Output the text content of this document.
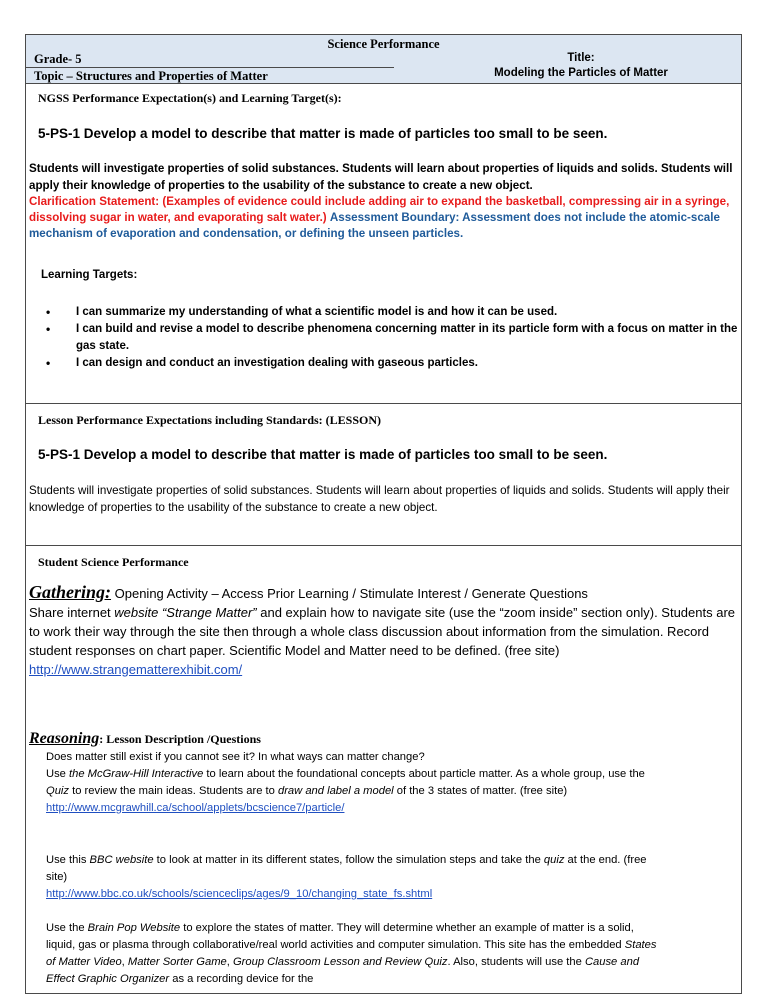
Science Performance
Grade- 5
Topic – Structures and Properties of Matter
Title:
Modeling the Particles of Matter
NGSS Performance Expectation(s) and Learning Target(s):
5-PS-1 Develop a model to describe that matter is made of particles too small to be seen.
Students will investigate properties of solid substances. Students will learn about properties of liquids and solids. Students will apply their knowledge of properties to the usability of the substance to create a new object.
Clarification Statement: (Examples of evidence could include adding air to expand the basketball, compressing air in a syringe, dissolving sugar in water, and evaporating salt water.) Assessment Boundary: Assessment does not include the atomic-scale mechanism of evaporation and condensation, or defining the unseen particles.
Learning Targets:
• I can summarize my understanding of what a scientific model is and how it can be used.
• I can build and revise a model to describe phenomena concerning matter in its particle form with a focus on matter in the gas state.
• I can design and conduct an investigation dealing with gaseous particles.
Lesson Performance Expectations including Standards: (LESSON)
5-PS-1 Develop a model to describe that matter is made of particles too small to be seen.
Students will investigate properties of solid substances. Students will learn about properties of liquids and solids. Students will apply their knowledge of properties to the usability of the substance to create a new object.
Student Science Performance
Gathering: Opening Activity – Access Prior Learning / Stimulate Interest / Generate Questions
Share internet website “Strange Matter” and explain how to navigate site (use the “zoom inside” section only). Students are to work their way through the site then through a whole class discussion about information from the simulation. Record student responses on chart paper. Scientific Model and Matter need to be defined. (free site)
http://www.strangematterexhibit.com/
Reasoning: Lesson Description /Questions
Does matter still exist if you cannot see it? In what ways can matter change?
Use the McGraw-Hill Interactive to learn about the foundational concepts about particle matter. As a whole group, use the Quiz to review the main ideas. Students are to draw and label a model of the 3 states of matter. (free site)
http://www.mcgrawhill.ca/school/applets/bcscience7/particle/
Use this BBC website to look at matter in its different states, follow the simulation steps and take the quiz at the end. (free site)
http://www.bbc.co.uk/schools/scienceclips/ages/9_10/changing_state_fs.shtml
Use the Brain Pop Website to explore the states of matter. They will determine whether an example of matter is a solid, liquid, gas or plasma through collaborative/real world activities and computer simulation. This site has the embedded States of Matter Video, Matter Sorter Game, Group Classroom Lesson and Review Quiz. Also, students will use the Cause and Effect Graphic Organizer as a recording device for the
